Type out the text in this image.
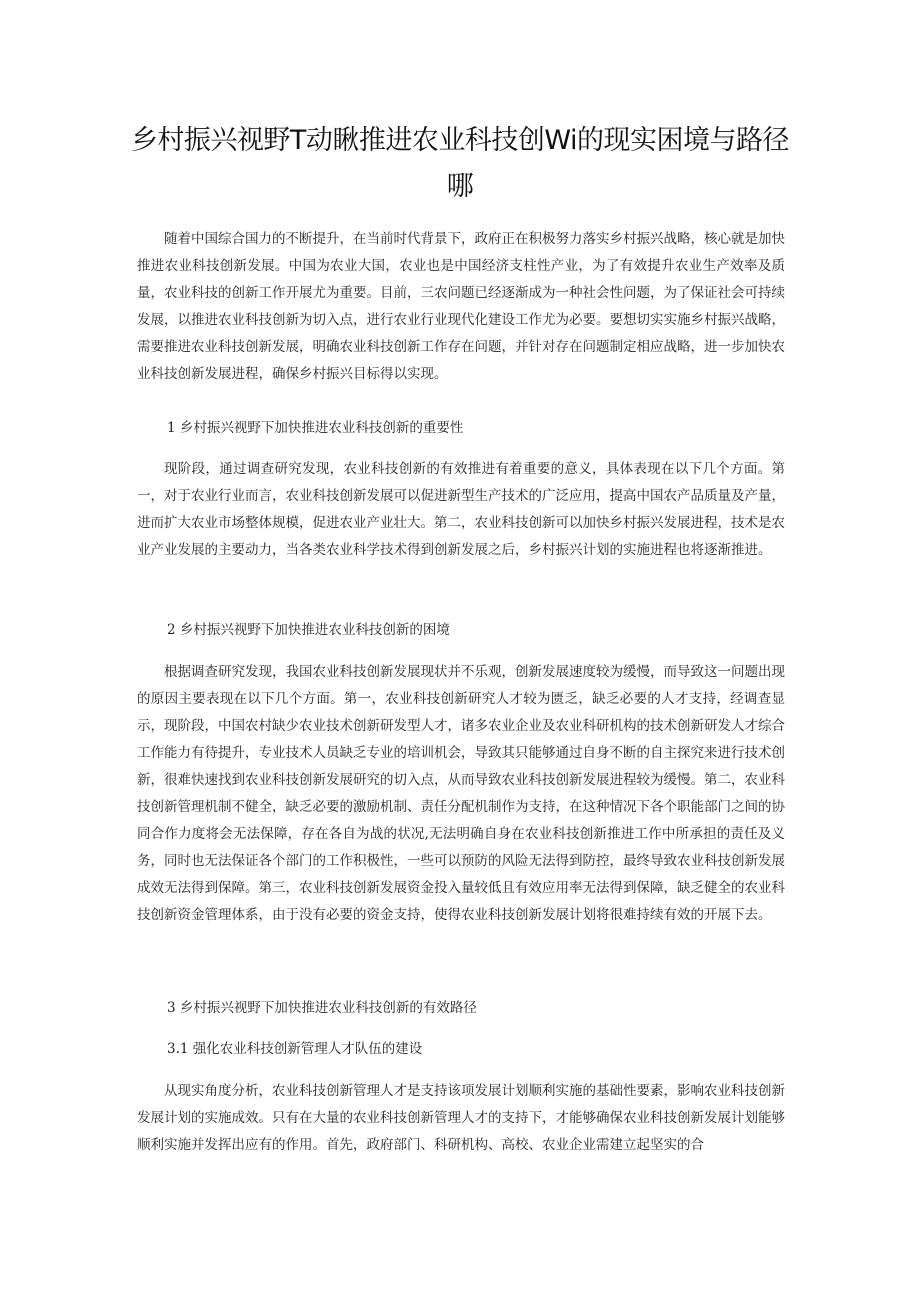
乡村振兴视野T动瞅推进农业科技创Wi的现实困境与路径哪

随着中国综合国力的不断提升，在当前时代背景下，政府正在积极努力落实乡村振兴战略，核心就是加快推进农业科技创新发展。中国为农业大国，农业也是中国经济支柱性产业，为了有效提升农业生产效率及质量，农业科技的创新工作开展尤为重要。目前，三农问题已经逐渐成为一种社会性问题，为了保证社会可持续发展，以推进农业科技创新为切入点，进行农业行业现代化建设工作尤为必要。要想切实实施乡村振兴战略，需要推进农业科技创新发展，明确农业科技创新工作存在问题，并针对存在问题制定相应战略，进一步加快农业科技创新发展进程，确保乡村振兴目标得以实现。

1 乡村振兴视野下加快推进农业科技创新的重要性

现阶段，通过调查研究发现，农业科技创新的有效推进有着重要的意义，具体表现在以下几个方面。第一，对于农业行业而言，农业科技创新发展可以促进新型生产技术的广泛应用，提高中国农产品质量及产量，进而扩大农业市场整体规模，促进农业产业壮大。第二，农业科技创新可以加快乡村振兴发展进程，技术是农业产业发展的主要动力，当各类农业科学技术得到创新发展之后，乡村振兴计划的实施进程也将逐渐推进。

2 乡村振兴视野下加快推进农业科技创新的困境

根据调查研究发现，我国农业科技创新发展现状并不乐观，创新发展速度较为缓慢，而导致这一问题出现的原因主要表现在以下几个方面。第一，农业科技创新研究人才较为匮乏，缺乏必要的人才支持，经调查显示，现阶段，中国农村缺少农业技术创新研发型人才，诸多农业企业及农业科研机构的技术创新研发人才综合工作能力有待提升，专业技术人员缺乏专业的培训机会，导致其只能够通过自身不断的自主探究来进行技术创新，很难快速找到农业科技创新发展研究的切入点，从而导致农业科技创新发展进程较为缓慢。第二，农业科技创新管理机制不健全，缺乏必要的激励机制、责任分配机制作为支持，在这种情况下各个职能部门之间的协同合作力度将会无法保障，存在各自为战的状况,无法明确自身在农业科技创新推进工作中所承担的责任及义务，同时也无法保证各个部门的工作积极性，一些可以预防的风险无法得到防控，最终导致农业科技创新发展成效无法得到保障。第三，农业科技创新发展资金投入量较低且有效应用率无法得到保障，缺乏健全的农业科技创新资金管理体系，由于没有必要的资金支持，使得农业科技创新发展计划将很难持续有效的开展下去。

3 乡村振兴视野下加快推进农业科技创新的有效路径
3.1 强化农业科技创新管理人才队伍的建设

从现实角度分析，农业科技创新管理人才是支持该项发展计划顺利实施的基础性要素，影响农业科技创新发展计划的实施成效。只有在大量的农业科技创新管理人才的支持下，才能够确保农业科技创新发展计划能够顺利实施并发挥出应有的作用。首先，政府部门、科研机构、高校、农业企业需建立起坚实的合
